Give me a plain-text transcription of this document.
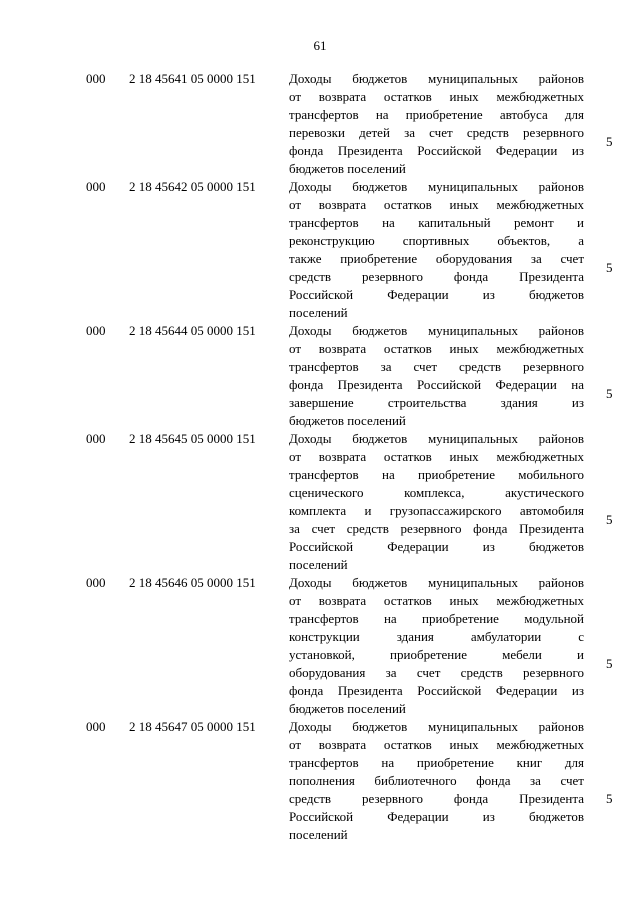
61
000 2 18 45641 05 0000 151	Доходы бюджетов муниципальных районов
от возврата остатков иных межбюджетных
трансфертов на приобретение автобуса для
перевозки детей за счет средств резервного
фонда Президента Российской Федерации из
бюджетов поселений
5
000 2 18 45642 05 0000 151	Доходы бюджетов муниципальных районов
от возврата остатков иных межбюджетных
трансфертов на капитальный ремонт и
реконструкцию спортивных объектов, а
также приобретение оборудования за счет
средств резервного фонда Президента
Российской Федерации из бюджетов
поселений
5
000 2 18 45644 05 0000 151	Доходы бюджетов муниципальных районов
от возврата остатков иных межбюджетных
трансфертов за счет средств резервного
фонда Президента Российской Федерации на
завершение строительства здания из
бюджетов поселений
5
000 2 18 45645 05 0000 151	Доходы бюджетов муниципальных районов
от возврата остатков иных межбюджетных
трансфертов на приобретение мобильного
сценического комплекса, акустического
комплекта и грузопассажирского автомобиля
за счет средств резервного фонда Президента
Российской Федерации из бюджетов
поселений
5
000 2 18 45646 05 0000 151	Доходы бюджетов муниципальных районов
от возврата остатков иных межбюджетных
трансфертов на приобретение модульной
конструкции здания амбулатории с
установкой, приобретение мебели и
оборудования за счет средств резервного
фонда Президента Российской Федерации из
бюджетов поселений
5
000 2 18 45647 05 0000 151	Доходы бюджетов муниципальных районов
от возврата остатков иных межбюджетных
трансфертов на приобретение книг для
пополнения библиотечного фонда за счет
средств резервного фонда Президента
Российской Федерации из бюджетов
поселений
5
